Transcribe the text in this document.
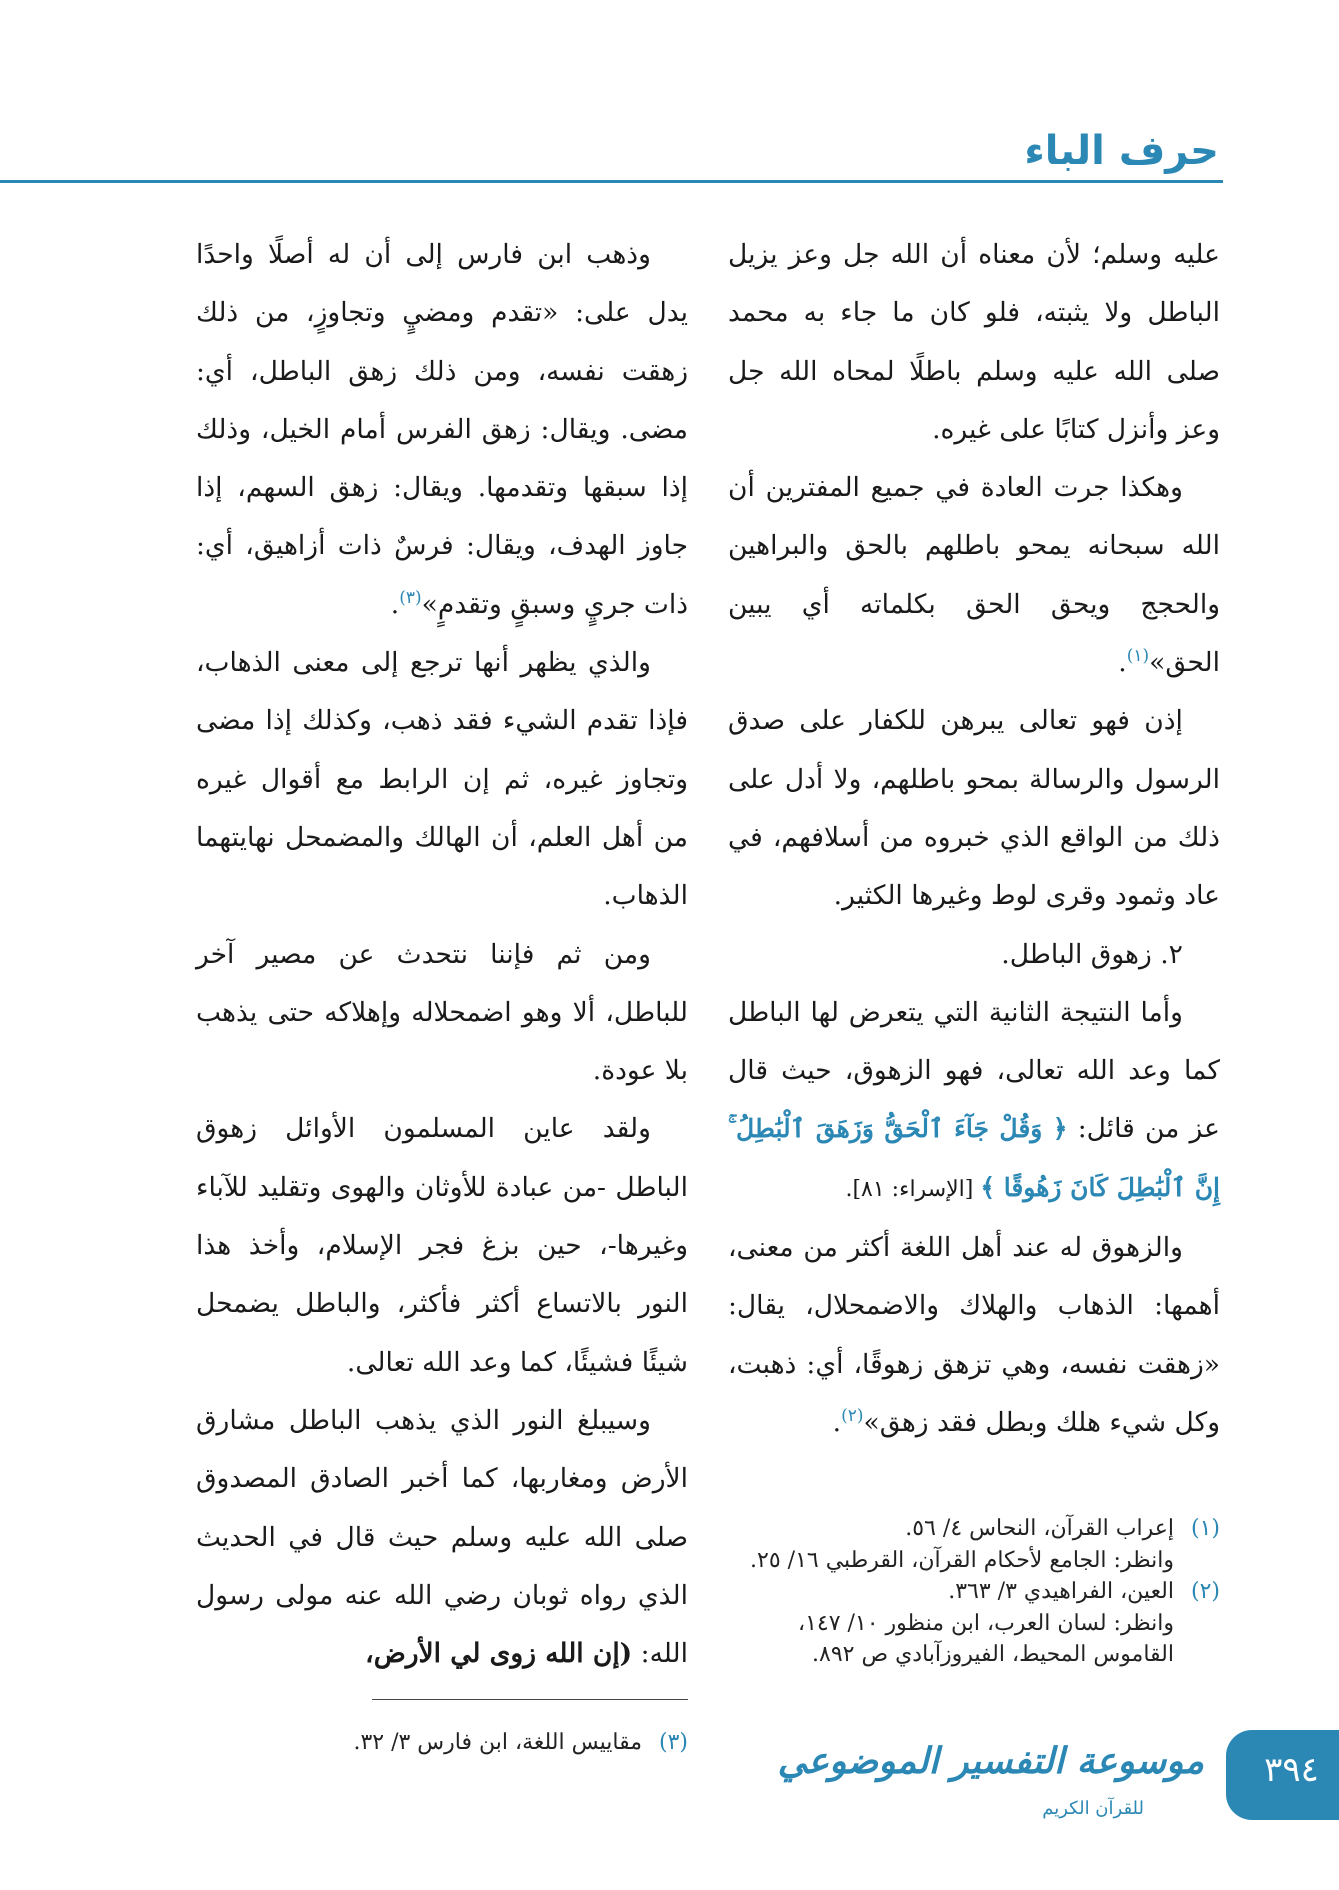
حرف الباء

عليه وسلم؛ لأن معناه أن الله جل وعز يزيل الباطل ولا يثبته، فلو كان ما جاء به محمد صلى الله عليه وسلم باطلًا لمحاه الله جل وعز وأنزل كتابًا على غيره.

وهكذا جرت العادة في جميع المفترين أن الله سبحانه يمحو باطلهم بالحق والبراهين والحجج ويحق الحق بكلماته أي يبين الحق»$^{(١)}$.

إذن فهو تعالى يبرهن للكفار على صدق الرسول والرسالة بمحو باطلهم، ولا أدل على ذلك من الواقع الذي خبروه من أسلافهم، في عاد وثمود وقرى لوط وغيرها الكثير.

٢. زهوق الباطل.

وأما النتيجة الثانية التي يتعرض لها الباطل كما وعد الله تعالى، فهو الزهوق، حيث قال عز من قائل: ﴿ وَقُلْ جَآءَ ٱلْحَقُّ وَزَهَقَ ٱلْبَٰطِلُ ۚ إِنَّ ٱلْبَٰطِلَ كَانَ زَهُوقًا ﴾ [الإسراء: ٨١].

والزهوق له عند أهل اللغة أكثر من معنى، أهمها: الذهاب والهلاك والاضمحلال، يقال: «زهقت نفسه، وهي تزهق زهوقًا، أي: ذهبت، وكل شيء هلك وبطل فقد زهق»$^{(٢)}$.

وذهب ابن فارس إلى أن له أصلًا واحدًا يدل على: «تقدم ومضيٍ وتجاوزٍ، من ذلك زهقت نفسه، ومن ذلك زهق الباطل، أي: مضى. ويقال: زهق الفرس أمام الخيل، وذلك إذا سبقها وتقدمها. ويقال: زهق السهم، إذا جاوز الهدف، ويقال: فرسٌ ذات أزاهيق، أي: ذات جريٍ وسبقٍ وتقدمٍ»$^{(٣)}$.

والذي يظهر أنها ترجع إلى معنى الذهاب، فإذا تقدم الشيء فقد ذهب، وكذلك إذا مضى وتجاوز غيره، ثم إن الرابط مع أقوال غيره من أهل العلم، أن الهالك والمضمحل نهايتهما الذهاب.

ومن ثم فإننا نتحدث عن مصير آخر للباطل، ألا وهو اضمحلاله وإهلاكه حتى يذهب بلا عودة.

ولقد عاين المسلمون الأوائل زهوق الباطل -من عبادة للأوثان والهوى وتقليد للآباء وغيرها-، حين بزغ فجر الإسلام، وأخذ هذا النور بالاتساع أكثر فأكثر، والباطل يضمحل شيئًا فشيئًا، كما وعد الله تعالى.

وسيبلغ النور الذي يذهب الباطل مشارق الأرض ومغاربها، كما أخبر الصادق المصدوق صلى الله عليه وسلم حيث قال في الحديث الذي رواه ثوبان رضي الله عنه مولى رسول الله: (إن الله زوى لي الأرض،

(١)
إعراب القرآن، النحاس ٤/ ٥٦.
وانظر: الجامع لأحكام القرآن، القرطبي ١٦/ ٢٥.
(٢)
العين، الفراهيدي ٣/ ٣٦٣.
وانظر: لسان العرب، ابن منظور ١٠/ ١٤٧، القاموس المحيط، الفيروزآبادي ص ٨٩٢.
(٣)
مقاييس اللغة، ابن فارس ٣/ ٣٢.	موسوعة التفسير الموضوعي
للقرآن الكريم
٣٩٤
